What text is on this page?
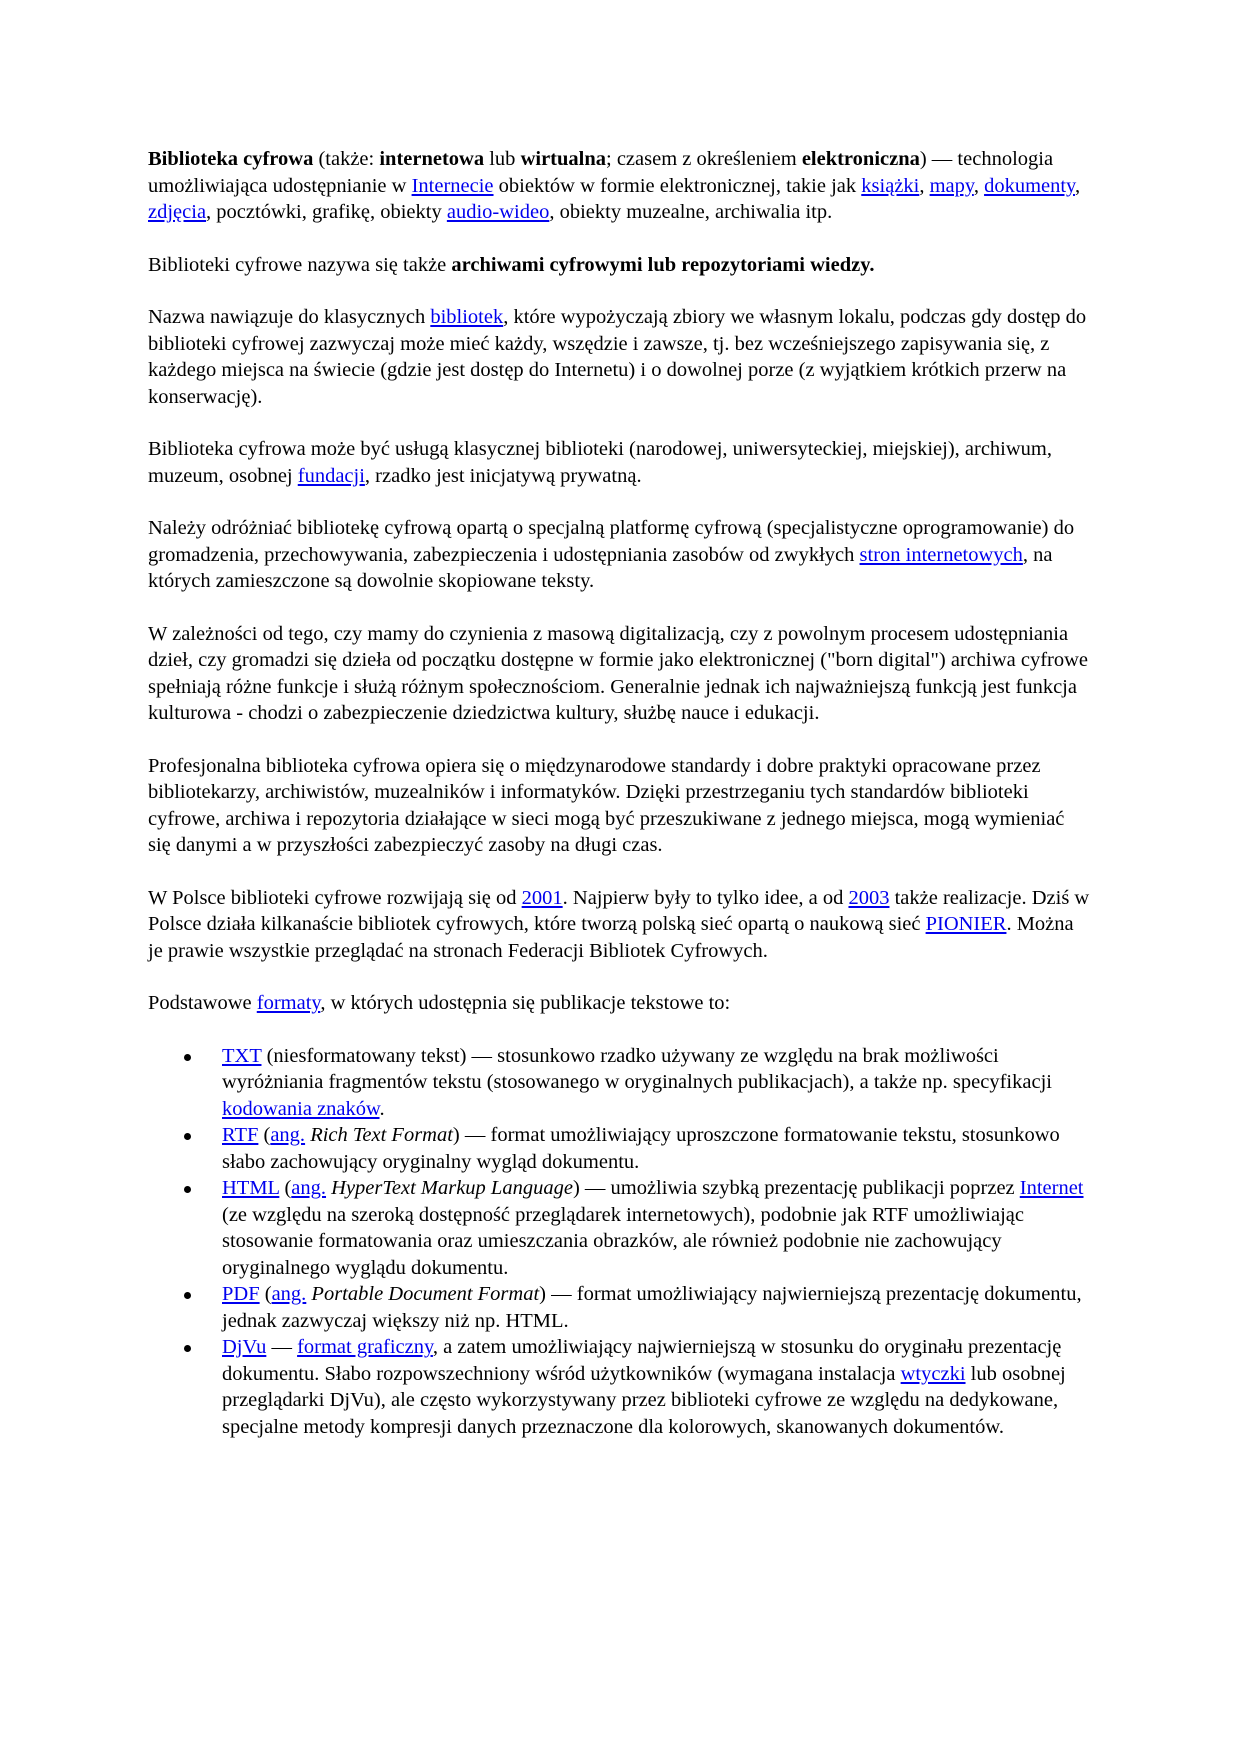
Biblioteka cyfrowa (także: internetowa lub wirtualna; czasem z określeniem elektroniczna) — technologia umożliwiająca udostępnianie w Internecie obiektów w formie elektronicznej, takie jak książki, mapy, dokumenty, zdjęcia, pocztówki, grafikę, obiekty audio-wideo, obiekty muzealne, archiwalia itp.

Biblioteki cyfrowe nazywa się także archiwami cyfrowymi lub repozytoriami wiedzy.

Nazwa nawiązuje do klasycznych bibliotek, które wypożyczają zbiory we własnym lokalu, podczas gdy dostęp do biblioteki cyfrowej zazwyczaj może mieć każdy, wszędzie i zawsze, tj. bez wcześniejszego zapisywania się, z każdego miejsca na świecie (gdzie jest dostęp do Internetu) i o dowolnej porze (z wyjątkiem krótkich przerw na konserwację).

Biblioteka cyfrowa może być usługą klasycznej biblioteki (narodowej, uniwersyteckiej, miejskiej), archiwum, muzeum, osobnej fundacji, rzadko jest inicjatywą prywatną.

Należy odróżniać bibliotekę cyfrową opartą o specjalną platformę cyfrową (specjalistyczne oprogramowanie) do gromadzenia, przechowywania, zabezpieczenia i udostępniania zasobów od zwykłych stron internetowych, na których zamieszczone są dowolnie skopiowane teksty.

W zależności od tego, czy mamy do czynienia z masową digitalizacją, czy z powolnym procesem udostępniania dzieł, czy gromadzi się dzieła od początku dostępne w formie jako elektronicznej ("born digital") archiwa cyfrowe spełniają różne funkcje i służą różnym społecznościom. Generalnie jednak ich najważniejszą funkcją jest funkcja kulturowa - chodzi o zabezpieczenie dziedzictwa kultury, służbę nauce i edukacji.

Profesjonalna biblioteka cyfrowa opiera się o międzynarodowe standardy i dobre praktyki opracowane przez bibliotekarzy, archiwistów, muzealników i informatyków. Dzięki przestrzeganiu tych standardów biblioteki cyfrowe, archiwa i repozytoria działające w sieci mogą być przeszukiwane z jednego miejsca, mogą wymieniać się danymi a w przyszłości zabezpieczyć zasoby na długi czas.

W Polsce biblioteki cyfrowe rozwijają się od 2001. Najpierw były to tylko idee, a od 2003 także realizacje. Dziś w Polsce działa kilkanaście bibliotek cyfrowych, które tworzą polską sieć opartą o naukową sieć PIONIER. Można je prawie wszystkie przeglądać na stronach Federacji Bibliotek Cyfrowych.

Podstawowe formaty, w których udostępnia się publikacje tekstowe to:

TXT (niesformatowany tekst) — stosunkowo rzadko używany ze względu na brak możliwości wyróżniania fragmentów tekstu (stosowanego w oryginalnych publikacjach), a także np. specyfikacji kodowania znaków.
RTF (ang. Rich Text Format) — format umożliwiający uproszczone formatowanie tekstu, stosunkowo słabo zachowujący oryginalny wygląd dokumentu.
HTML (ang. HyperText Markup Language) — umożliwia szybką prezentację publikacji poprzez Internet (ze względu na szeroką dostępność przeglądarek internetowych), podobnie jak RTF umożliwiając stosowanie formatowania oraz umieszczania obrazków, ale również podobnie nie zachowujący oryginalnego wyglądu dokumentu.
PDF (ang. Portable Document Format) — format umożliwiający najwierniejszą prezentację dokumentu, jednak zazwyczaj większy niż np. HTML.
DjVu — format graficzny, a zatem umożliwiający najwierniejszą w stosunku do oryginału prezentację dokumentu. Słabo rozpowszechniony wśród użytkowników (wymagana instalacja wtyczki lub osobnej przeglądarki DjVu), ale często wykorzystywany przez biblioteki cyfrowe ze względu na dedykowane, specjalne metody kompresji danych przeznaczone dla kolorowych, skanowanych dokumentów.
